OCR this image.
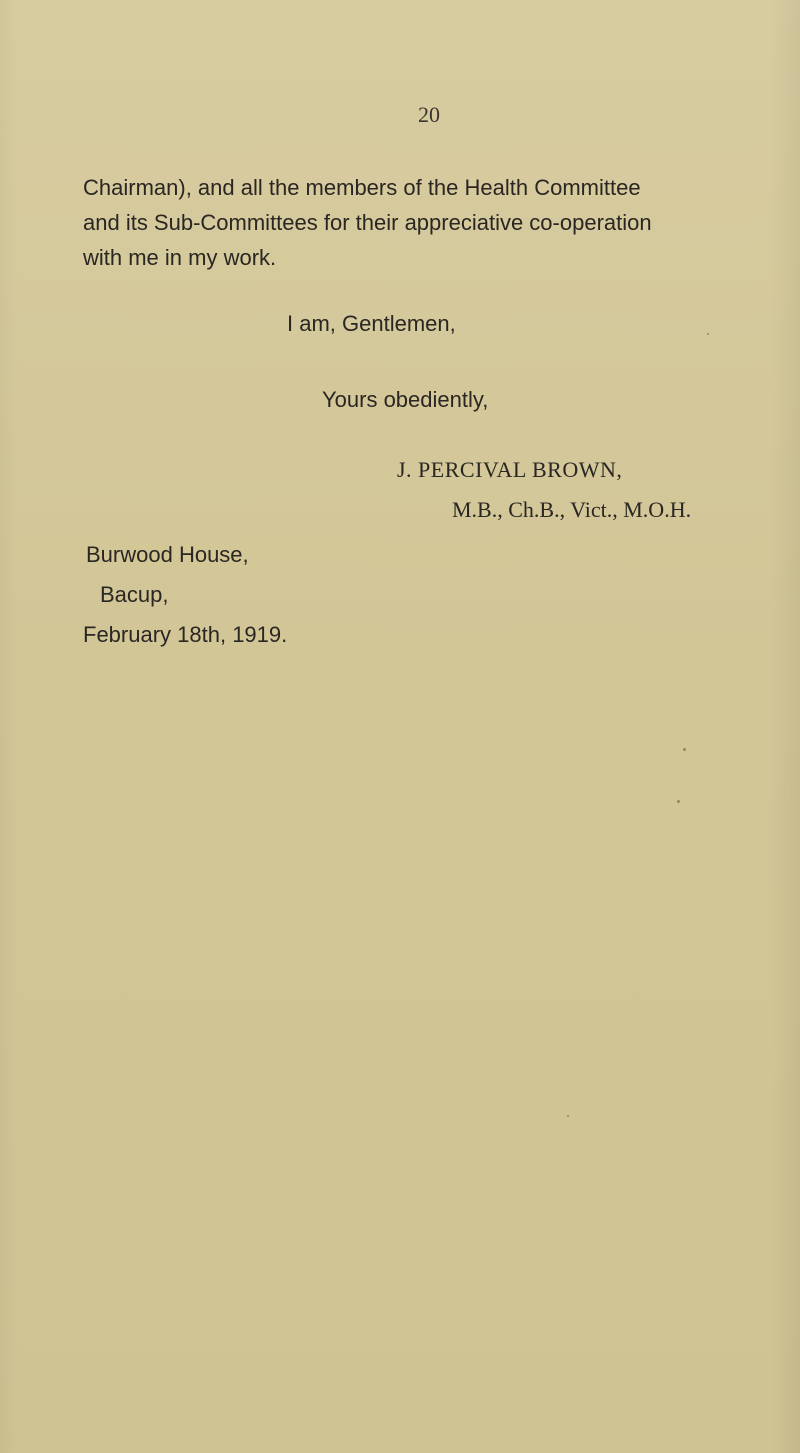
20
Chairman), and all the members of the Health Committee
and its Sub-Committees for their appreciative co-operation
with me in my work.
I am, Gentlemen,
Yours obediently,
J. PERCIVAL BROWN,
M.B., Ch.B., Vict., M.O.H.
Burwood House,
Bacup,
February 18th, 1919.
